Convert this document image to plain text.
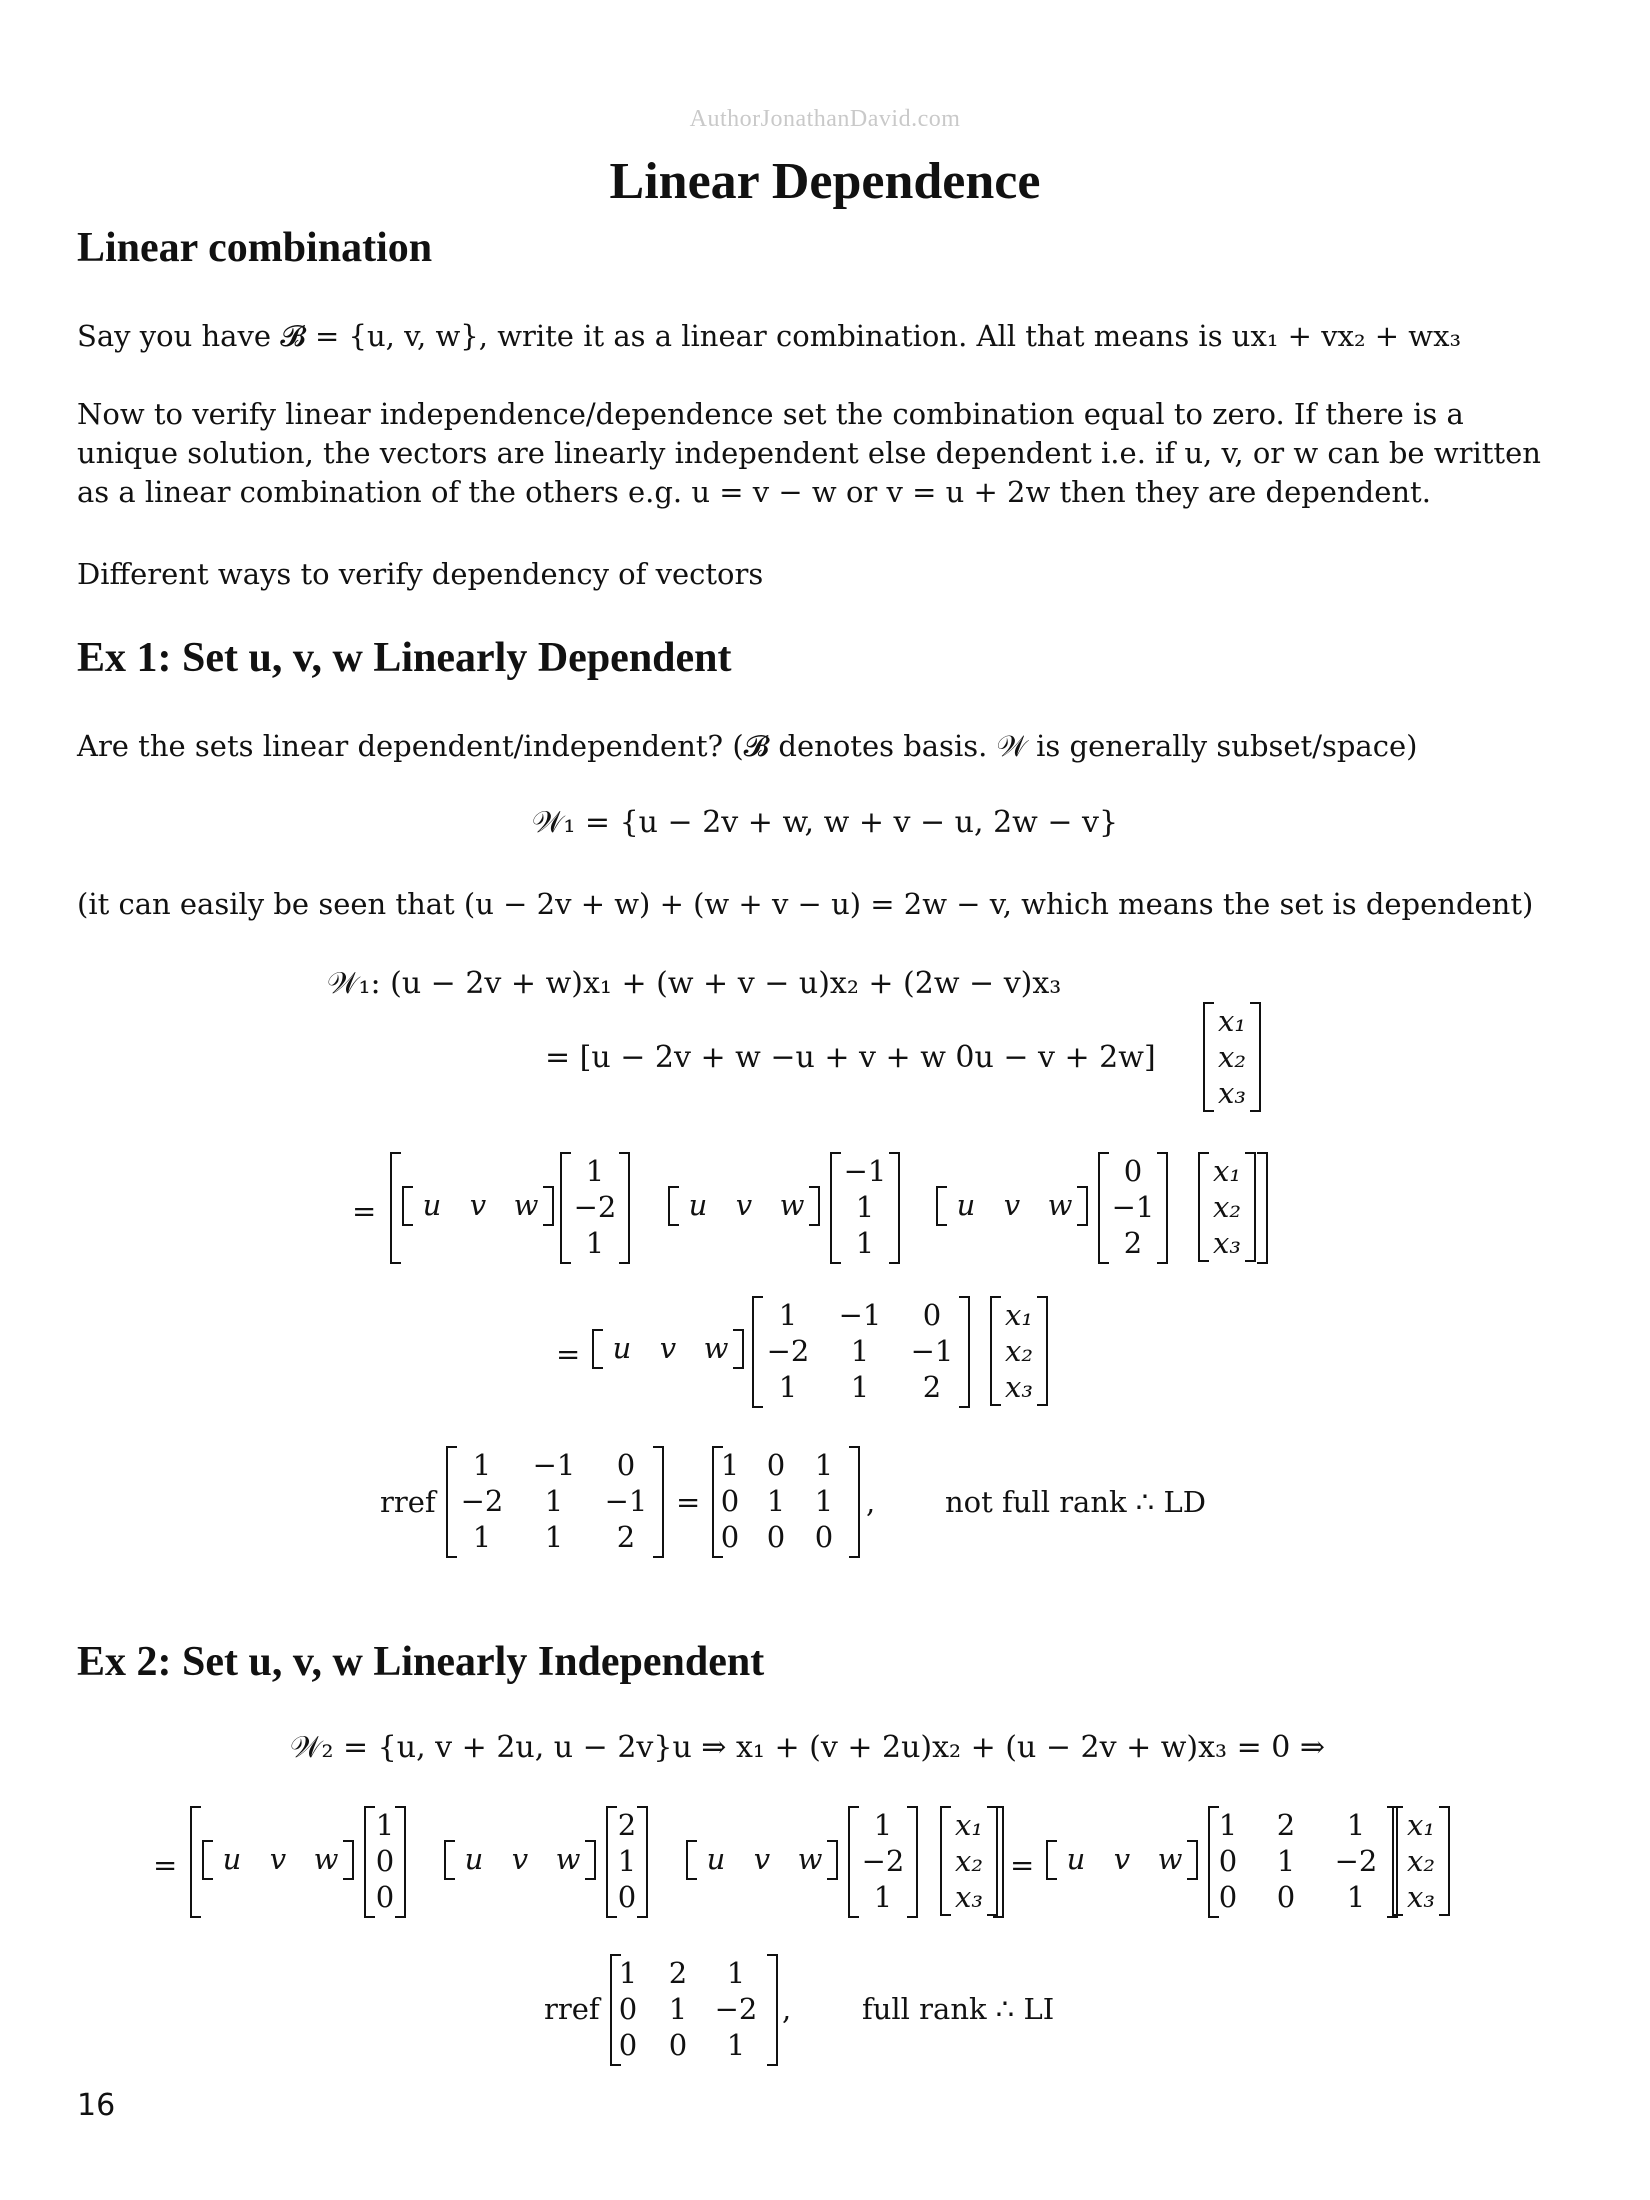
AuthorJonathanDavid.com
Linear Dependence
Linear combination
Say you have 𝓑 = {u, v, w}, write it as a linear combination. All that means is ux₁ + vx₂ + wx₃
Now to verify linear independence/dependence set the combination equal to zero. If there is a
unique solution, the vectors are linearly independent else dependent i.e. if u, v, or w can be written
as a linear combination of the others e.g. u = v − w or v = u + 2w then they are dependent.
Different ways to verify dependency of vectors
Ex 1: Set u, v, w Linearly Dependent
Are the sets linear dependent/independent? (𝓑 denotes basis. 𝒲 is generally subset/space)
𝒲₁ = {u − 2v + w, w + v − u, 2w − v}
(it can easily be seen that (u − 2v + w) + (w + v − u) = 2w − v, which means the set is dependent)
𝒲₁: (u − 2v + w)x₁ + (w + v − u)x₂ + (2w − v)x₃
= [u − 2v + w −u + v + w 0u − v + 2w]
x₁
x₂
x₃
=	u v w
1
−2
1
u v w
−1
1
1
u v w
0
−1
2
x₁
x₂
x₃
=	u v w
1	−1	0
−2	1	−1
1	1	2
x₁
x₂
x₃
rref
1	−1	0
−2	1	−1
1	1	2
=
1 0	1
0 1	1
0 0	0
, not full rank ∴ LD
Ex 2: Set u, v, w Linearly Independent
𝒲₂ = {u, v + 2u, u − 2v}u ⇒ x₁ + (v + 2u)x₂ + (u − 2v + w)x₃ = 0 ⇒
=	u v w
1
0
0
u v w
2
1
0
u v w
1
−2
1
x₁
x₂
x₃
=	u v w
1	2	1
0	1	−2
0	0	1
x₁
x₂
x₃
rref
1	2	1
0	1 −2
0	0	1
, full rank ∴ LI
16
